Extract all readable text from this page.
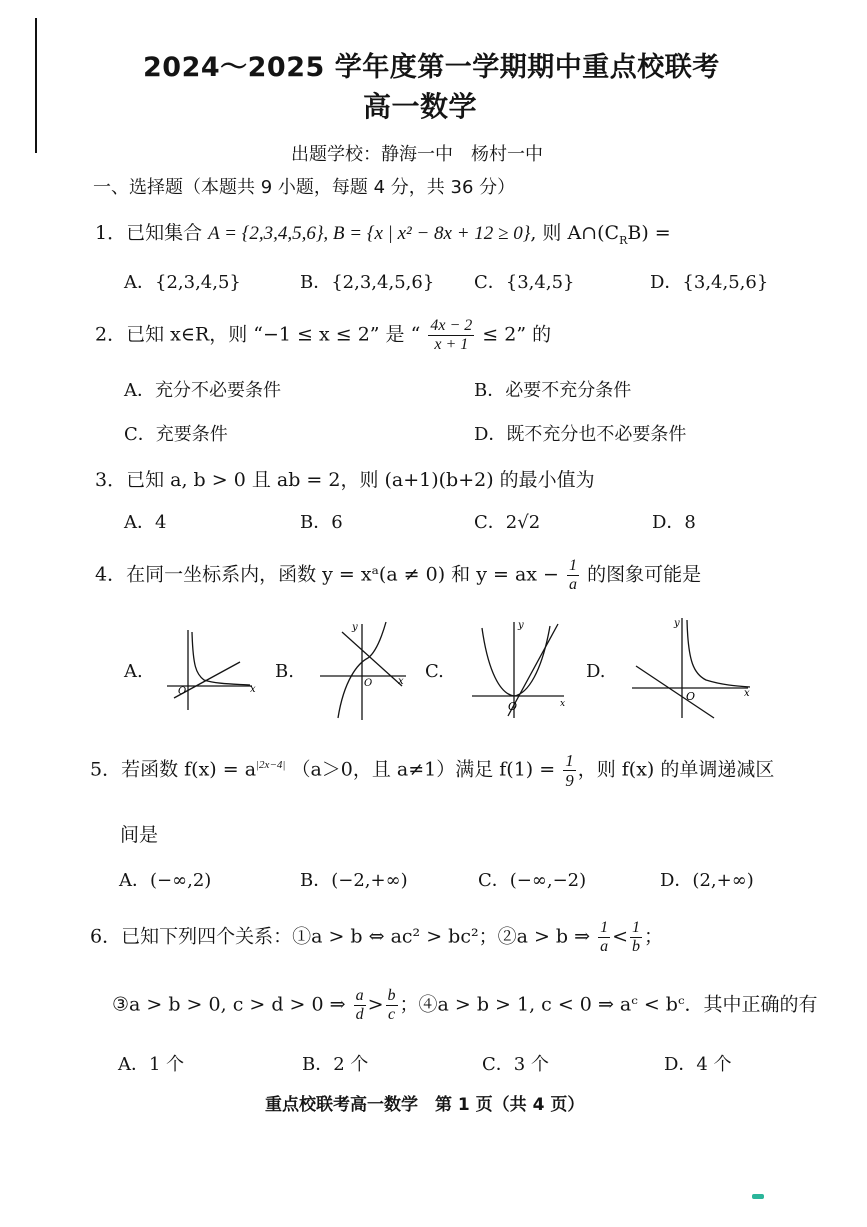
2024～2025 学年度第一学期期中重点校联考
高一数学
出题学校：静海一中　杨村一中
一、选择题（本题共 9 小题，每题 4 分，共 36 分）
1．已知集合 A = {2,3,4,5,6}, B = {x | x² − 8x + 12 ≥ 0}, 则 $A\cap(C_RB)$ =
A．{2,3,4,5}	B．{2,3,4,5,6} C．{3,4,5}	D．{3,4,5,6}
2．已知 x∈R，则 “−1 ≤ x ≤ 2” 是 “ $\frac{4x - 2}{x + 1} \le 2$” 的
A．充分不必要条件	B．必要不充分条件
C．充要条件	D．既不充分也不必要条件
3．已知 a, b > 0 且 ab = 2，则 (a+1)(b+2) 的最小值为
A．4	B．6	C．2√2	D．8
4．在同一坐标系内，函数 y = xᵃ(a ≠ 0) 和 y = ax − $\frac{1}{a}$ 的图象可能是
A.	B.	C.	D.
O	x
y
O	x
y
O	x
y
O	x
5．若函数 $f(x) = a^{|2x-4|}$ （a＞0，且 a≠1）满足 $f(1) = \frac{1}{9}$ ，则 f(x) 的单调递减区
间是
A．(−∞,2)	B．(−2,+∞)	C．(−∞,−2)	D．(2,+∞)
6．已知下列四个关系：①a > b ⇔ ac² > bc²；②a > b ⇒ $\frac{1}{a} < \frac{1}{b}$ ；
③a > b > 0, c > d > 0 ⇒ $\frac{a}{d} > \frac{b}{c}$ ；④a > b > 1, c < 0 ⇒ aᶜ < bᶜ．其中正确的有
A．1 个	B．2 个	C．3 个	D．4 个
重点校联考高一数学　第 1 页（共 4 页）
